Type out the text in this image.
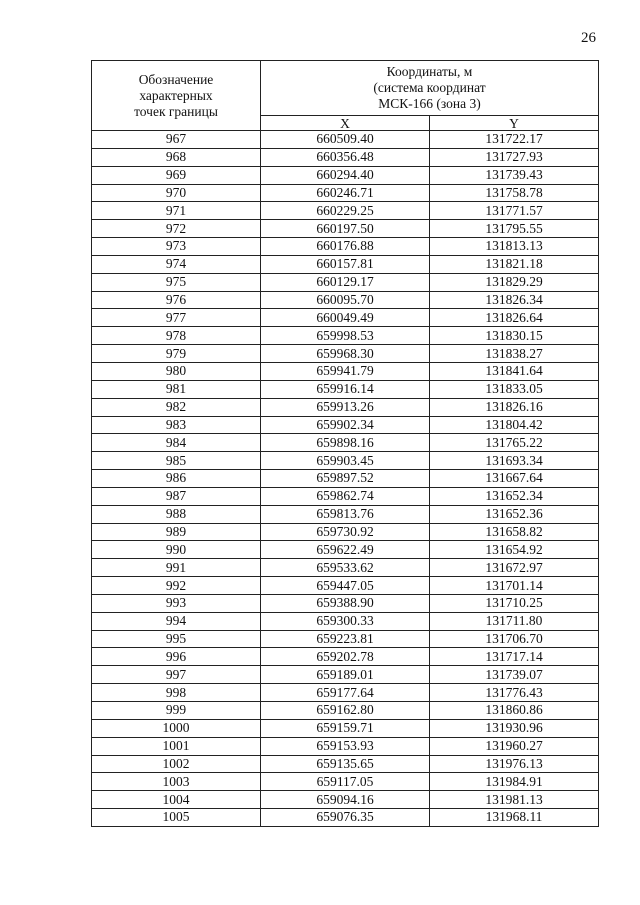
26
Обозначение
характерных
точек границы	Координаты, м
(система координат
МСК-166 (зона 3)	

	X	Y
967	660509.40	131722.17
968	660356.48	131727.93
969	660294.40	131739.43
970	660246.71	131758.78
971	660229.25	131771.57
972	660197.50	131795.55
973	660176.88	131813.13
974	660157.81	131821.18
975	660129.17	131829.29
976	660095.70	131826.34
977	660049.49	131826.64
978	659998.53	131830.15
979	659968.30	131838.27
980	659941.79	131841.64
981	659916.14	131833.05
982	659913.26	131826.16
983	659902.34	131804.42
984	659898.16	131765.22
985	659903.45	131693.34
986	659897.52	131667.64
987	659862.74	131652.34
988	659813.76	131652.36
989	659730.92	131658.82
990	659622.49	131654.92
991	659533.62	131672.97
992	659447.05	131701.14
993	659388.90	131710.25
994	659300.33	131711.80
995	659223.81	131706.70
996	659202.78	131717.14
997	659189.01	131739.07
998	659177.64	131776.43
999	659162.80	131860.86
1000	659159.71	131930.96
1001	659153.93	131960.27
1002	659135.65	131976.13
1003	659117.05	131984.91
1004	659094.16	131981.13
1005	659076.35	131968.11
